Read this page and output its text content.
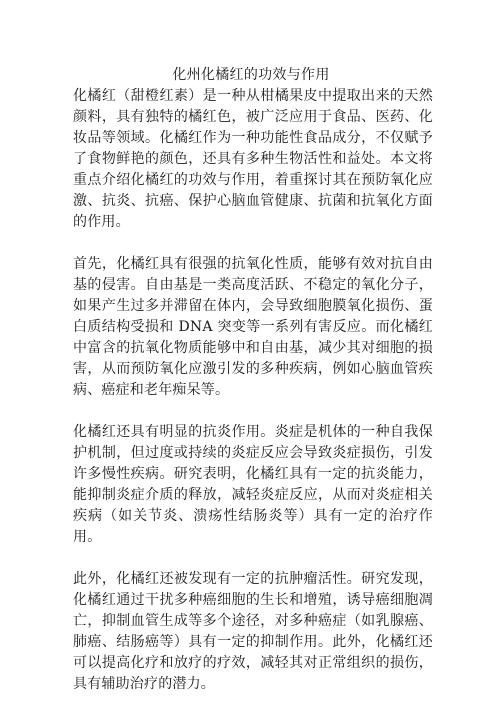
化州化橘红的功效与作用

化橘红（甜橙红素）是一种从柑橘果皮中提取出来的天然颜料，具有独特的橘红色，被广泛应用于食品、医药、化妆品等领域。化橘红作为一种功能性食品成分，不仅赋予了食物鲜艳的颜色，还具有多种生物活性和益处。本文将重点介绍化橘红的功效与作用，着重探讨其在预防氧化应激、抗炎、抗癌、保护心脑血管健康、抗菌和抗氧化方面的作用。

首先，化橘红具有很强的抗氧化性质，能够有效对抗自由基的侵害。自由基是一类高度活跃、不稳定的氧化分子，如果产生过多并滞留在体内，会导致细胞膜氧化损伤、蛋白质结构受损和 DNA 突变等一系列有害反应。而化橘红中富含的抗氧化物质能够中和自由基，减少其对细胞的损害，从而预防氧化应激引发的多种疾病，例如心脑血管疾病、癌症和老年痴呆等。

化橘红还具有明显的抗炎作用。炎症是机体的一种自我保护机制，但过度或持续的炎症反应会导致炎症损伤，引发许多慢性疾病。研究表明，化橘红具有一定的抗炎能力，能抑制炎症介质的释放，减轻炎症反应，从而对炎症相关疾病（如关节炎、溃疡性结肠炎等）具有一定的治疗作用。

此外，化橘红还被发现有一定的抗肿瘤活性。研究发现，化橘红通过干扰多种癌细胞的生长和增殖，诱导癌细胞凋亡，抑制血管生成等多个途径，对多种癌症（如乳腺癌、肺癌、结肠癌等）具有一定的抑制作用。此外，化橘红还可以提高化疗和放疗的疗效，减轻其对正常组织的损伤，具有辅助治疗的潜力。
